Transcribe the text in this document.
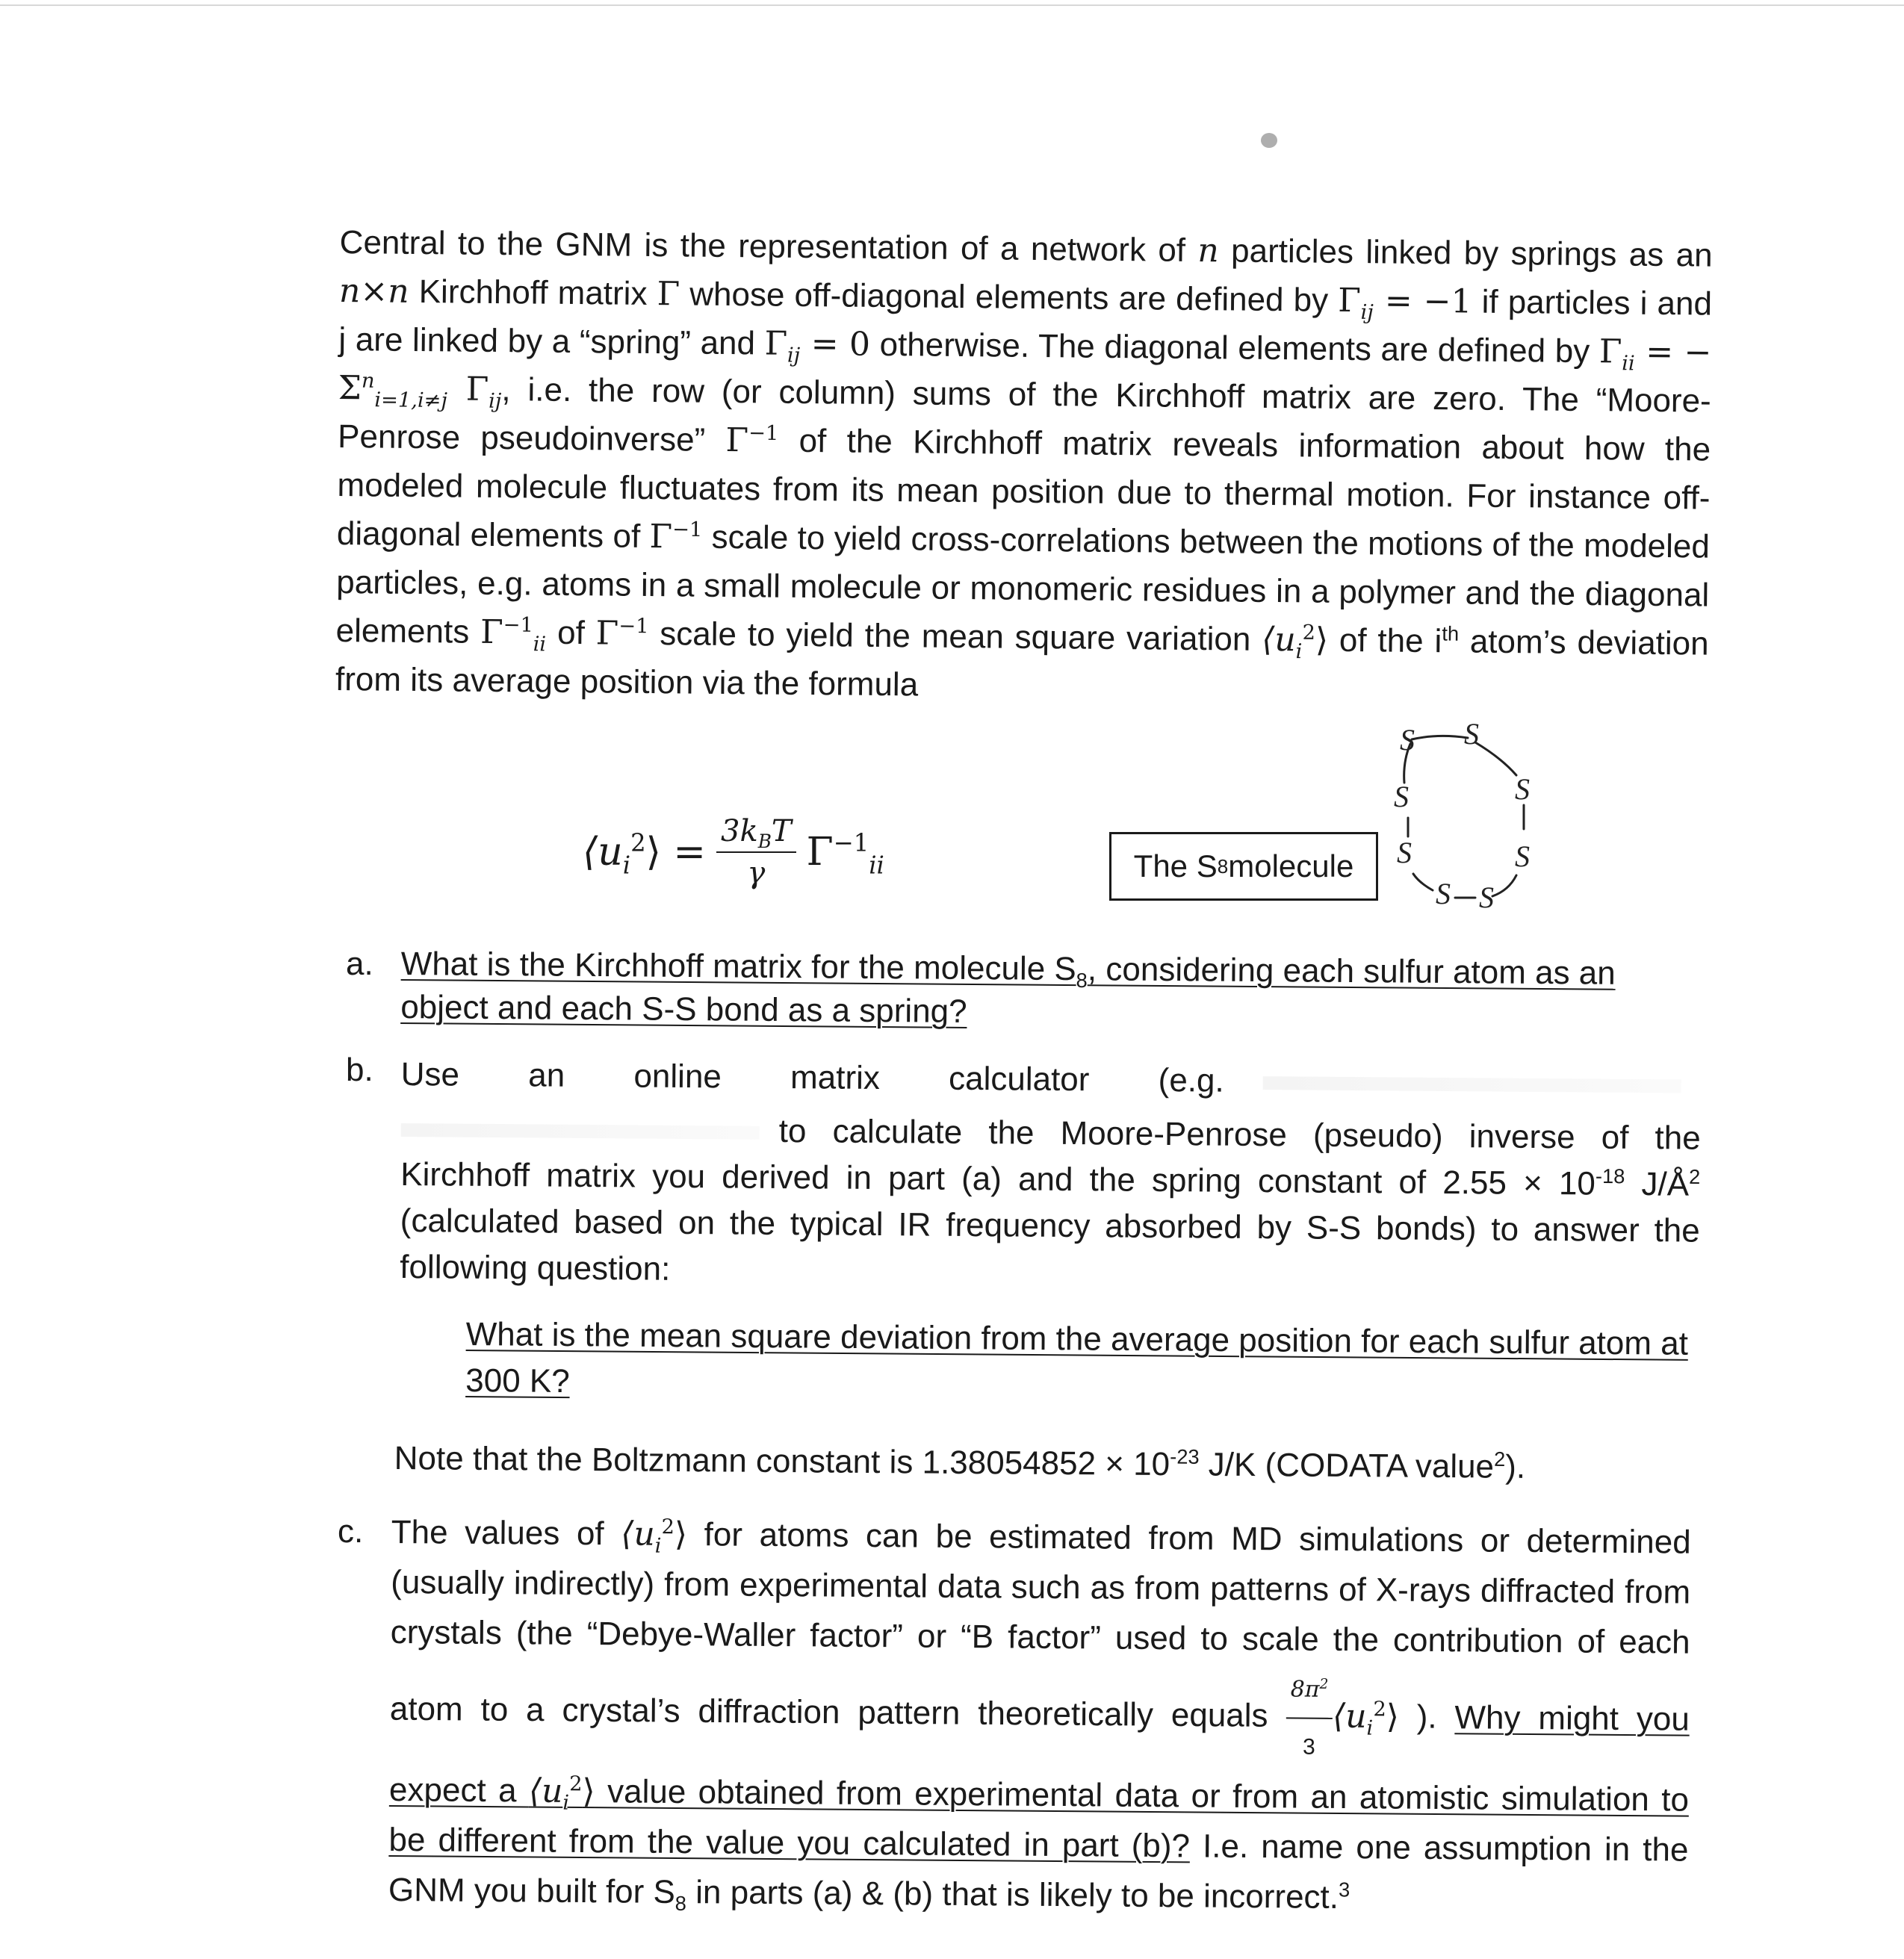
Central to the GNM is the representation of a network of n particles linked by springs as an n×n Kirchhoff matrix Γ whose off-diagonal elements are defined by $\Gamma_{ij} = -1$ if particles i and j are linked by a “spring” and $\Gamma_{ij} = 0$ otherwise. The diagonal elements are defined by $\Gamma_{ii}$ = − $\Sigma^n_{i=1,i\ne j}$ $\Gamma_{ij}$, i.e. the row (or column) sums of the Kirchhoff matrix are zero. The “Moore-Penrose pseudoinverse” $\Gamma^{-1}$ of the Kirchhoff matrix reveals information about how the modeled molecule fluctuates from its mean position due to thermal motion. For instance off-diagonal elements of $\Gamma^{-1}$ scale to yield cross-correlations between the motions of the modeled particles, e.g. atoms in a small molecule or monomeric residues in a polymer and the diagonal elements $\Gamma^{-1}_{ii}$ of $\Gamma^{-1}$ scale to yield the mean square variation $⟨u_i^2⟩$ of the $i^{th}$ atom’s deviation from its average position via the formula
$⟨u_i^2⟩ = \frac{3k_BT}{\gamma} \Gamma^{-1}_{ii}$	The S 8 molecule
S S
S
S
S
S
S
S
a. What is the Kirchhoff matrix for the molecule $S_8$, considering each sulfur atom as an object and each S-S bond as a spring?
b. Use an online matrix calculator (e.g.
to calculate the Moore-Penrose (pseudo) inverse of the Kirchhoff matrix you derived in part (a) and the spring constant of $2.55 \times 10^{-18}$ $J/Å^2$ (calculated based on the typical IR frequency absorbed by S-S bonds) to answer the following question:
What is the mean square deviation from the average position for each sulfur atom at 300 K?
Note that the Boltzmann constant is $1.38054852 \times 10^{-23}$ J/K (CODATA value$^2$).
c. The values of $⟨u_i^2⟩$ for atoms can be estimated from MD simulations or determined (usually indirectly) from experimental data such as from patterns of X-rays diffracted from crystals (the “Debye-Waller factor” or “B factor” used to scale the contribution of each atom to a crystal’s diffraction pattern theoretically equals $\frac{8\pi^2}{3}$ $⟨u_i^2⟩$ ). Why might you expect a $⟨u_i^2⟩$ value obtained from experimental data or from an atomistic simulation to be different from the value you calculated in part (b)? I.e. name one assumption in the GNM you built for $S_8$ in parts (a) & (b) that is likely to be incorrect.$^3$
